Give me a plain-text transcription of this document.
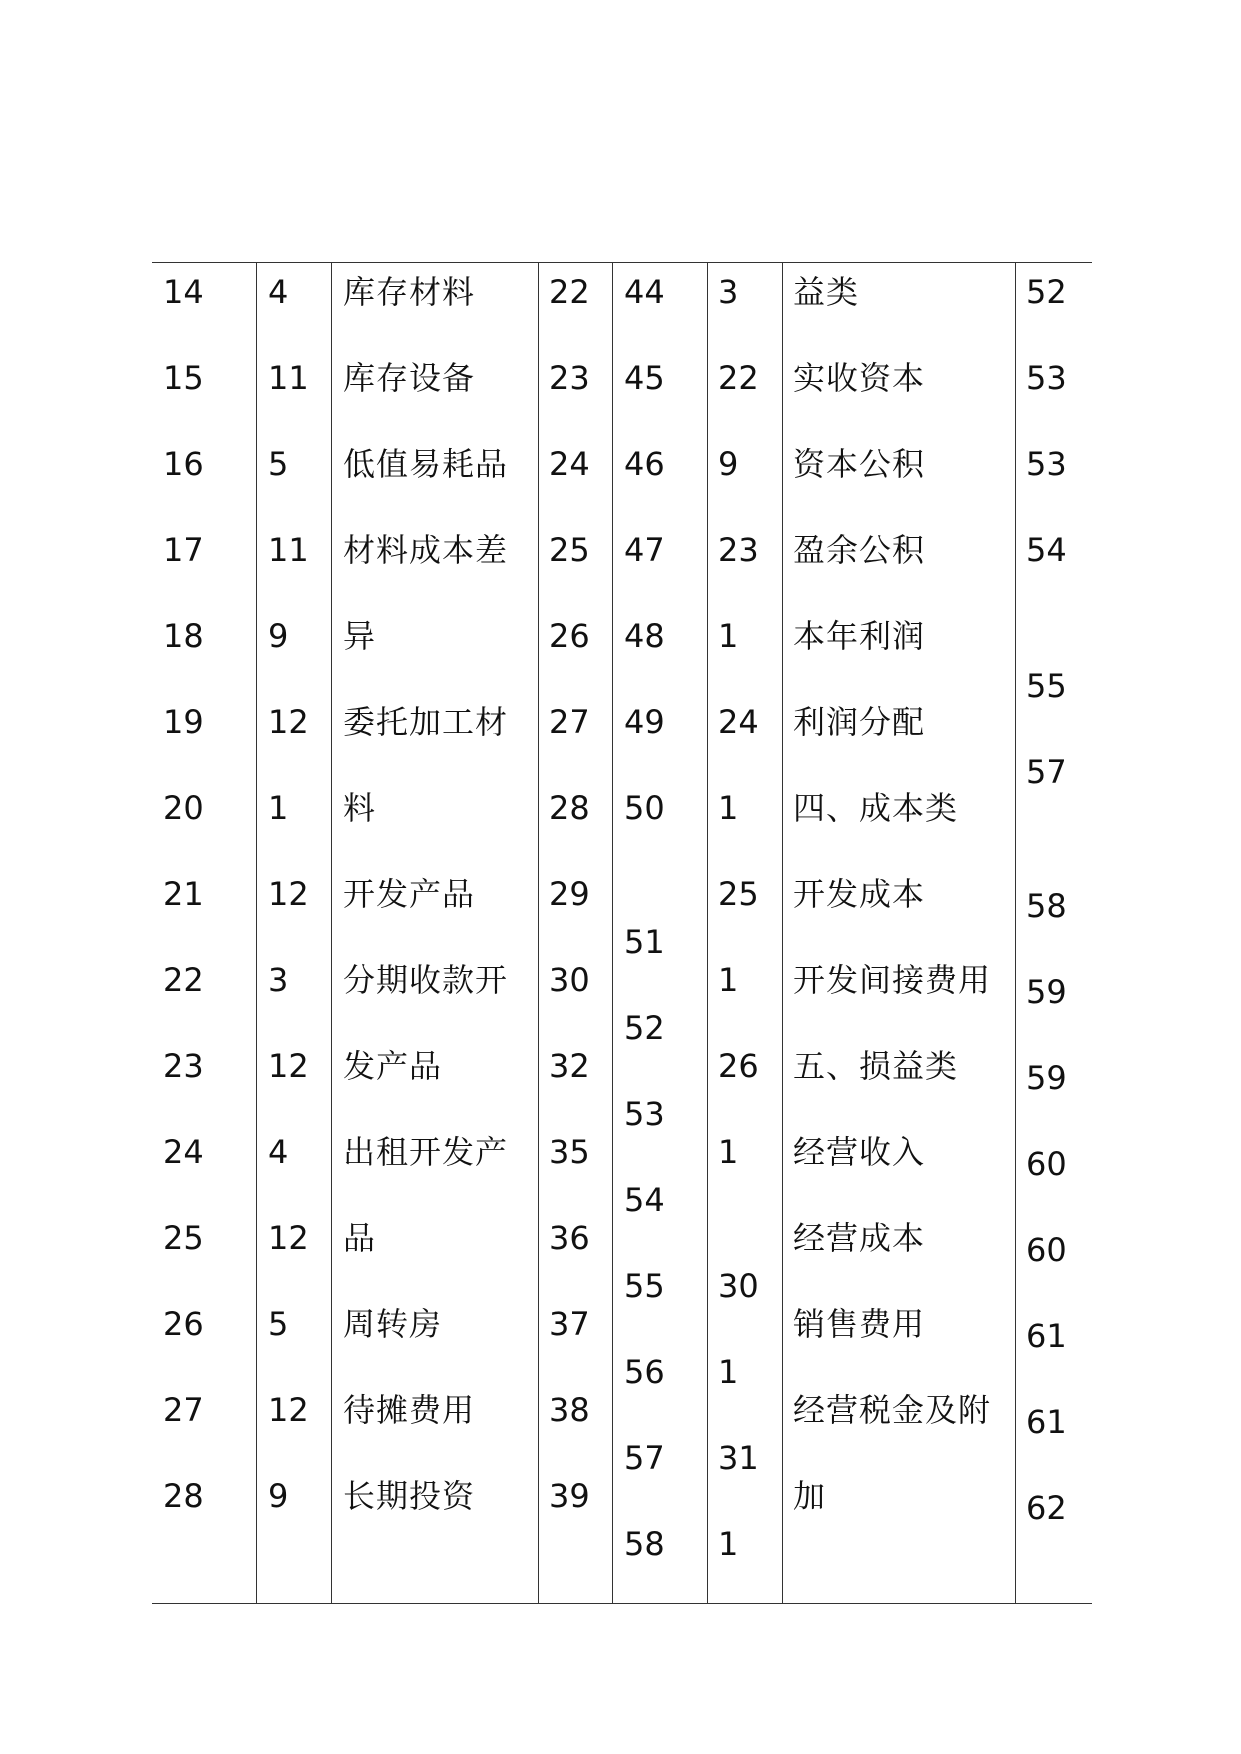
14
15
16
17
18
19
20
21
22
23
24
25
26
27
28
4
11
5
11
9
12
1
12
3
12
4
12
5
12
9
库存材料
库存设备
低值易耗品
材料成本差
异
委托加工材
料
开发产品
分期收款开
发产品
出租开发产
品
周转房
待摊费用
长期投资
22
23
24
25
26
27
28
29
30
32
35
36
37
38
39
44
45
46
47
48
49
50
51
52
53
54
55
56
57
58
3
22
9
23
1
24
1
25
1
26
1
30
1
31
1
益类
实收资本
资本公积
盈余公积
本年利润
利润分配
四、成本类
开发成本
开发间接费用
五、损益类
经营收入
经营成本
销售费用
经营税金及附
加
52
53
53
54
55
57
58
59
59
60
60
61
61
62
